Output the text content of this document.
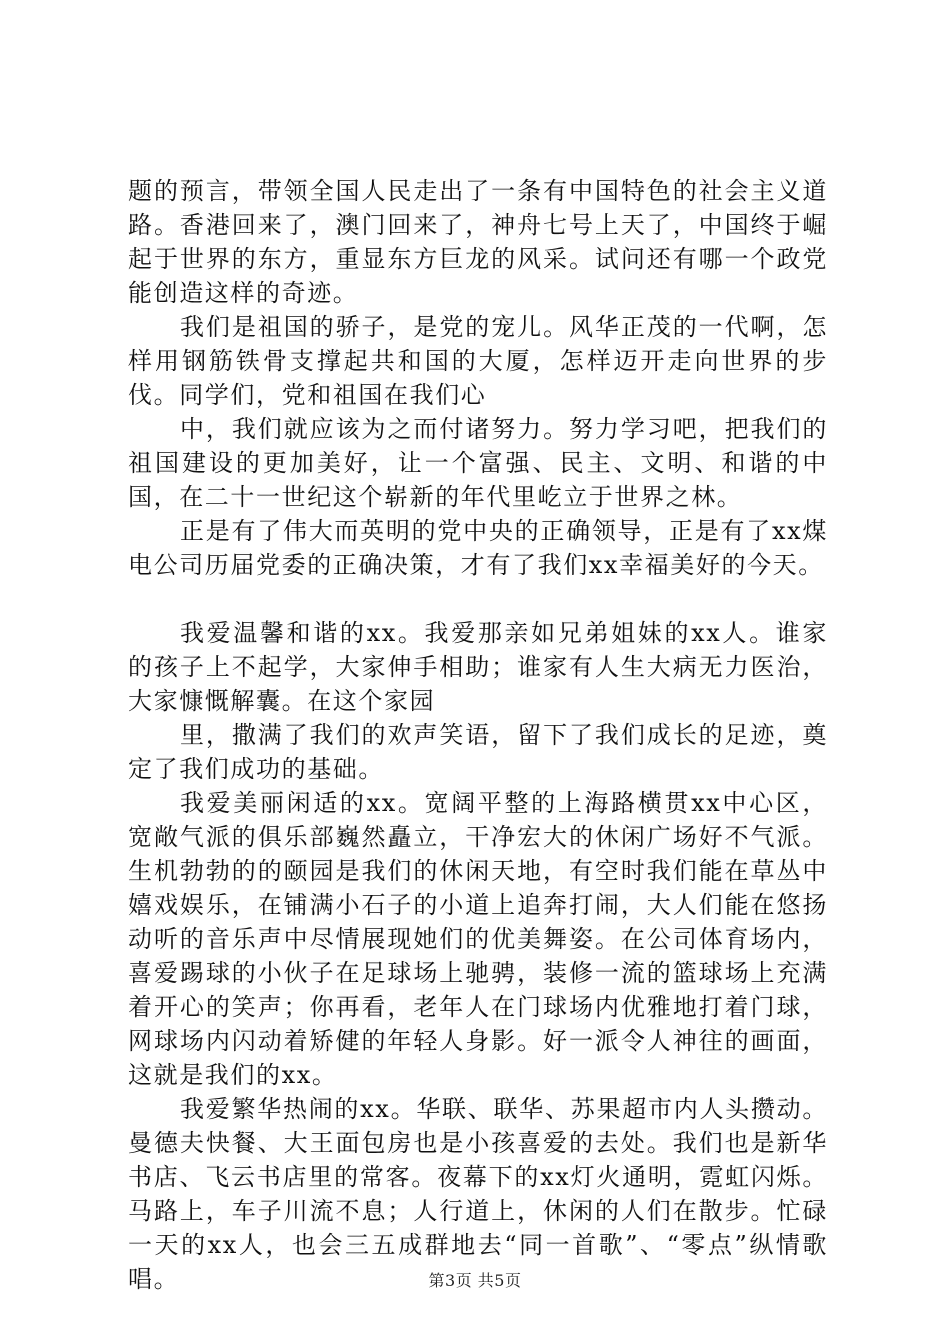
题的预言，带领全国人民走出了一条有中国特色的社会主义道路。香港回来了，澳门回来了，神舟七号上天了，中国终于崛起于世界的东方，重显东方巨龙的风采。试问还有哪一个政党能创造这样的奇迹。

我们是祖国的骄子，是党的宠儿。风华正茂的一代啊，怎样用钢筋铁骨支撑起共和国的大厦，怎样迈开走向世界的步伐。同学们，党和祖国在我们心

中，我们就应该为之而付诸努力。努力学习吧，把我们的祖国建设的更加美好，让一个富强、民主、文明、和谐的中国，在二十一世纪这个崭新的年代里屹立于世界之林。

正是有了伟大而英明的党中央的正确领导，正是有了xx煤电公司历届党委的正确决策，才有了我们xx幸福美好的今天。

我爱温馨和谐的xx。我爱那亲如兄弟姐妹的xx人。谁家的孩子上不起学，大家伸手相助；谁家有人生大病无力医治，大家慷慨解囊。在这个家园

里，撒满了我们的欢声笑语，留下了我们成长的足迹，奠定了我们成功的基础。

我爱美丽闲适的xx。宽阔平整的上海路横贯xx中心区，宽敞气派的俱乐部巍然矗立，干净宏大的休闲广场好不气派。生机勃勃的的颐园是我们的休闲天地，有空时我们能在草丛中嬉戏娱乐，在铺满小石子的小道上追奔打闹，大人们能在悠扬动听的音乐声中尽情展现她们的优美舞姿。在公司体育场内，喜爱踢球的小伙子在足球场上驰骋，装修一流的篮球场上充满着开心的笑声；你再看，老年人在门球场内优雅地打着门球，网球场内闪动着矫健的年轻人身影。好一派令人神往的画面，这就是我们的xx。

我爱繁华热闹的xx。华联、联华、苏果超市内人头攒动。曼德夫快餐、大王面包房也是小孩喜爱的去处。我们也是新华书店、飞云书店里的常客。夜幕下的xx灯火通明，霓虹闪烁。马路上，车子川流不息；人行道上，休闲的人们在散步。忙碌一天的xx人，也会三五成群地去“同一首歌”、“零点”纵情歌唱。	第3页 共5页
